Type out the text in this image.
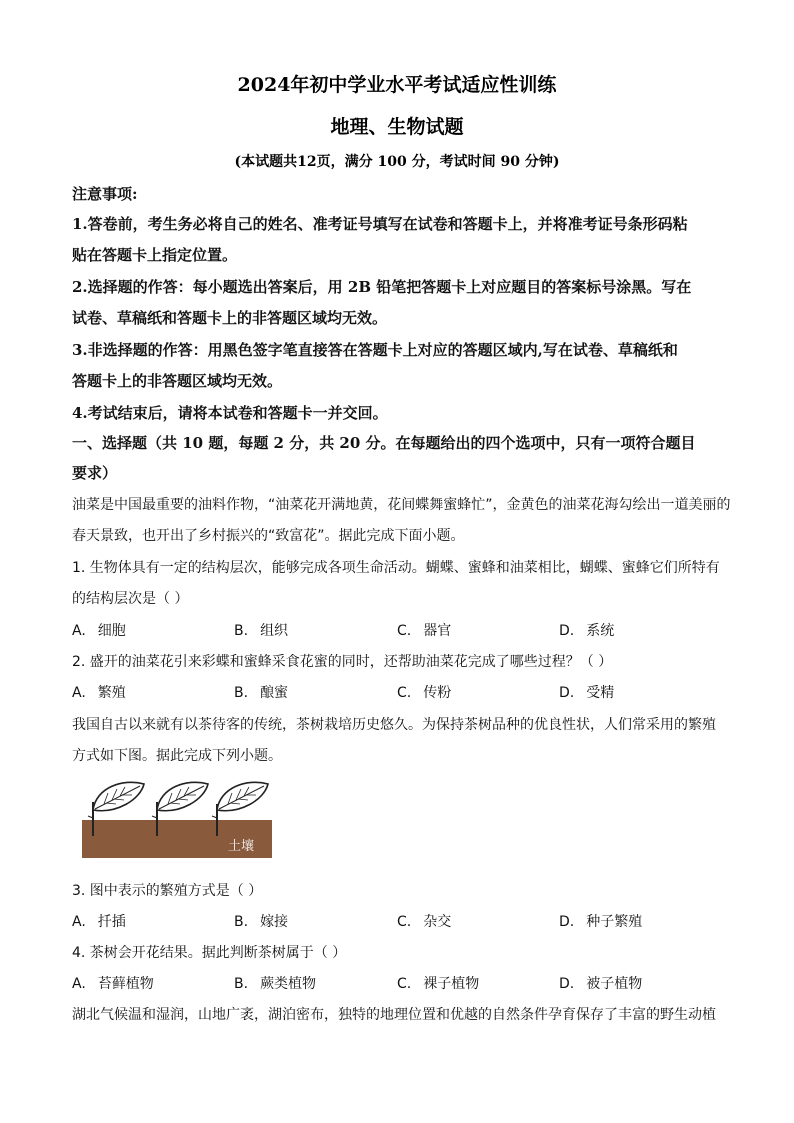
2024年初中学业水平考试适应性训练
地理、生物试题
(本试题共12页，满分 100 分，考试时间 90 分钟)
注意事项:
1.答卷前，考生务必将自己的姓名、准考证号填写在试卷和答题卡上，并将准考证号条形码粘
贴在答题卡上指定位置。
2.选择题的作答：每小题选出答案后，用 2B 铅笔把答题卡上对应题目的答案标号涂黑。写在
试卷、草稿纸和答题卡上的非答题区域均无效。
3.非选择题的作答：用黑色签字笔直接答在答题卡上对应的答题区域内,写在试卷、草稿纸和
答题卡上的非答题区域均无效。
4.考试结束后，请将本试卷和答题卡一并交回。
一、选择题（共 10 题，每题 2 分，共 20 分。在每题给出的四个选项中，只有一项符合题目
要求）
油菜是中国最重要的油料作物，“油菜花开满地黄，花间蝶舞蜜蜂忙”，金黄色的油菜花海勾绘出一道美丽的
春天景致，也开出了乡村振兴的“致富花”。据此完成下面小题。
1. 生物体具有一定的结构层次，能够完成各项生命活动。蝴蝶、蜜蜂和油菜相比，蝴蝶、蜜蜂它们所特有
的结构层次是（ ）
A. 细胞	B. 组织	C. 器官	D. 系统
2. 盛开的油菜花引来彩蝶和蜜蜂采食花蜜的同时，还帮助油菜花完成了哪些过程？（ ）
A. 繁殖	B. 酿蜜	C. 传粉	D. 受精
我国自古以来就有以茶待客的传统，茶树栽培历史悠久。为保持茶树品种的优良性状，人们常采用的繁殖
方式如下图。据此完成下列小题。
土壤
3. 图中表示的繁殖方式是（ ）
A. 扦插	B. 嫁接	C. 杂交	D. 种子繁殖
4. 茶树会开花结果。据此判断茶树属于（ ）
A. 苔藓植物	B. 蕨类植物	C. 裸子植物	D. 被子植物
湖北气候温和湿润，山地广袤，湖泊密布，独特的地理位置和优越的自然条件孕育保存了丰富的野生动植
